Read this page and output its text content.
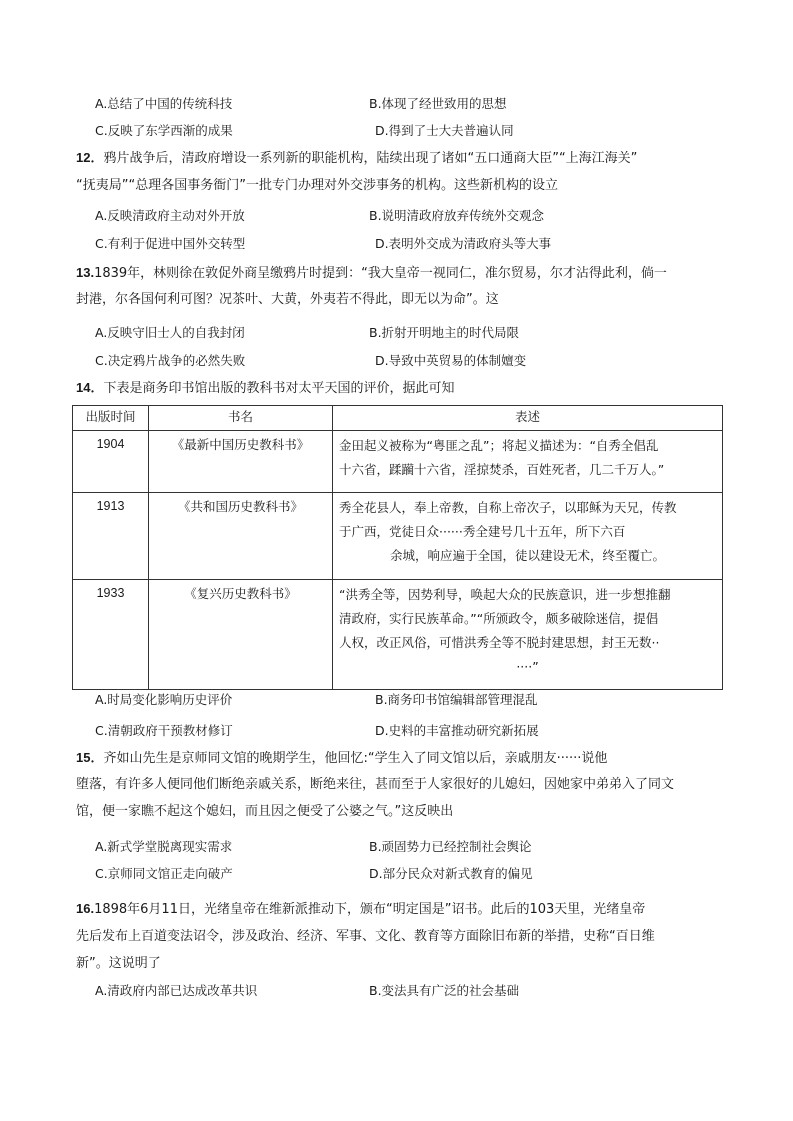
A.总结了中国的传统科技	B.体现了经世致用的思想
C.反映了东学西渐的成果	D.得到了士大夫普遍认同
12．鸦片战争后，清政府增设一系列新的职能机构，陆续出现了诸如“五口通商大臣”“上海江海关”
“抚夷局”“总理各国事务衙门”一批专门办理对外交涉事务的机构。这些新机构的设立
A.反映清政府主动对外开放	B.说明清政府放弃传统外交观念
C.有利于促进中国外交转型	D.表明外交成为清政府头等大事
13.1839年，林则徐在敦促外商呈缴鸦片时提到：“我大皇帝一视同仁，准尔贸易，尔才沾得此利，倘一
封港，尔各国何利可图？况茶叶、大黄，外夷若不得此，即无以为命”。这
A.反映守旧士人的自我封闭	B.折射开明地主的时代局限
C.决定鸦片战争的必然失败	D.导致中英贸易的体制嬗变
14．下表是商务印书馆出版的教科书对太平天国的评价，据此可知
出版时间	书名	表述
1904	《最新中国历史教科书》	金田起义被称为“粤匪之乱”；将起义描述为：“自秀全倡乱
十六省，蹂躏十六省，淫掠焚杀，百姓死者，几二千万人。”

1913	《共和国历史教科书》	秀全花县人，奉上帝教，自称上帝次子，以耶稣为天兄，传教
于广西，党徒日众······秀全建号几十五年，所下六百
余城，响应遍于全国，徒以建设无术，终至覆亡。

1933	《复兴历史教科书》	“洪秀全等，因势利导，唤起大众的民族意识，进一步想推翻
清政府，实行民族革命。”“所颁政令，颇多破除迷信，提倡
人权，改正风俗，可惜洪秀全等不脱封建思想，封王无数··
····”
A.时局变化影响历史评价	B.商务印书馆编辑部管理混乱
C.清朝政府干预教材修订	D.史料的丰富推动研究新拓展
15．齐如山先生是京师同文馆的晚期学生，他回忆:“学生入了同文馆以后，亲戚朋友······说他
堕落，有许多人便同他们断绝亲戚关系，断绝来往，甚而至于人家很好的儿媳妇，因她家中弟弟入了同文
馆，便一家瞧不起这个媳妇，而且因之便受了公婆之气。”这反映出
A.新式学堂脱离现实需求	B.顽固势力已经控制社会舆论
C.京师同文馆正走向破产	D.部分民众对新式教育的偏见
16.1898年6月11日，光绪皇帝在维新派推动下，颁布“明定国是”诏书。此后的103天里，光绪皇帝
先后发布上百道变法诏令，涉及政治、经济、军事、文化、教育等方面除旧布新的举措，史称“百日维
新”。这说明了
A.清政府内部已达成改革共识	B.变法具有广泛的社会基础
